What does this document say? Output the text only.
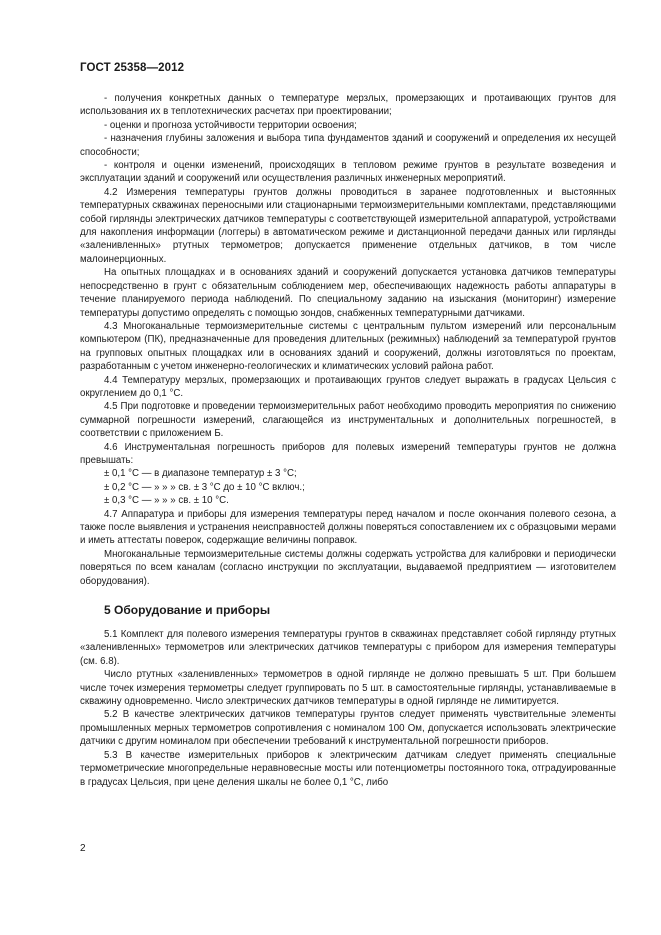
ГОСТ 25358—2012

- получения конкретных данных о температуре мерзлых, промерзающих и протаивающих грунтов для использования их в теплотехнических расчетах при проектировании;

- оценки и прогноза устойчивости территории освоения;

- назначения глубины заложения и выбора типа фундаментов зданий и сооружений и определения их несущей способности;

- контроля и оценки изменений, происходящих в тепловом режиме грунтов в результате возведения и эксплуатации зданий и сооружений или осуществления различных инженерных мероприятий.

4.2 Измерения температуры грунтов должны проводиться в заранее подготовленных и выстоянных температурных скважинах переносными или стационарными термоизмерительными комплектами, представляющими собой гирлянды электрических датчиков температуры с соответствующей измерительной аппаратурой, устройствами для накопления информации (логгеры) в автоматическом режиме и дистанционной передачи данных или гирлянды «заленивленных» ртутных термометров; допускается применение отдельных датчиков, в том числе малоинерционных.

На опытных площадках и в основаниях зданий и сооружений допускается установка датчиков температуры непосредственно в грунт с обязательным соблюдением мер, обеспечивающих надежность работы аппаратуры в течение планируемого периода наблюдений. По специальному заданию на изыскания (мониторинг) измерение температуры допустимо определять с помощью зондов, снабженных температурными датчиками.

4.3 Многоканальные термоизмерительные системы с центральным пультом измерений или персональным компьютером (ПК), предназначенные для проведения длительных (режимных) наблюдений за температурой грунтов на групповых опытных площадках или в основаниях зданий и сооружений, должны изготовляться по проектам, разработанным с учетом инженерно-геологических и климатических условий района работ.

4.4 Температуру мерзлых, промерзающих и протаивающих грунтов следует выражать в градусах Цельсия с округлением до 0,1 °С.

4.5 При подготовке и проведении термоизмерительных работ необходимо проводить мероприятия по снижению суммарной погрешности измерений, слагающейся из инструментальных и дополнительных погрешностей, в соответствии с приложением Б.

4.6 Инструментальная погрешность приборов для полевых измерений температуры грунтов не должна превышать:

± 0,1 °С — в диапазоне температур ± 3 °С;

± 0,2 °С — » » » св. ± 3 °С до ± 10 °С включ.;

± 0,3 °С — » » » св. ± 10 °С.

4.7 Аппаратура и приборы для измерения температуры перед началом и после окончания полевого сезона, а также после выявления и устранения неисправностей должны поверяться сопоставлением их с образцовыми мерами и иметь аттестаты поверок, содержащие величины поправок.

Многоканальные термоизмерительные системы должны содержать устройства для калибровки и периодически поверяться по всем каналам (согласно инструкции по эксплуатации, выдаваемой предприятием — изготовителем оборудования).

5 Оборудование и приборы

5.1 Комплект для полевого измерения температуры грунтов в скважинах представляет собой гирлянду ртутных «заленивленных» термометров или электрических датчиков температуры с прибором для измерения температуры (см. 6.8).

Число ртутных «заленивленных» термометров в одной гирлянде не должно превышать 5 шт. При большем числе точек измерения термометры следует группировать по 5 шт. в самостоятельные гирлянды, устанавливаемые в скважину одновременно. Число электрических датчиков температуры в одной гирлянде не лимитируется.

5.2 В качестве электрических датчиков температуры грунтов следует применять чувствительные элементы промышленных мерных термометров сопротивления с номиналом 100 Ом, допускается использовать электрические датчики с другим номиналом при обеспечении требований к инструментальной погрешности приборов.

5.3 В качестве измерительных приборов к электрическим датчикам следует применять специальные термометрические многопредельные неравновесные мосты или потенциометры постоянного тока, отградуированные в градусах Цельсия, при цене деления шкалы не более 0,1 °С, либо

2
